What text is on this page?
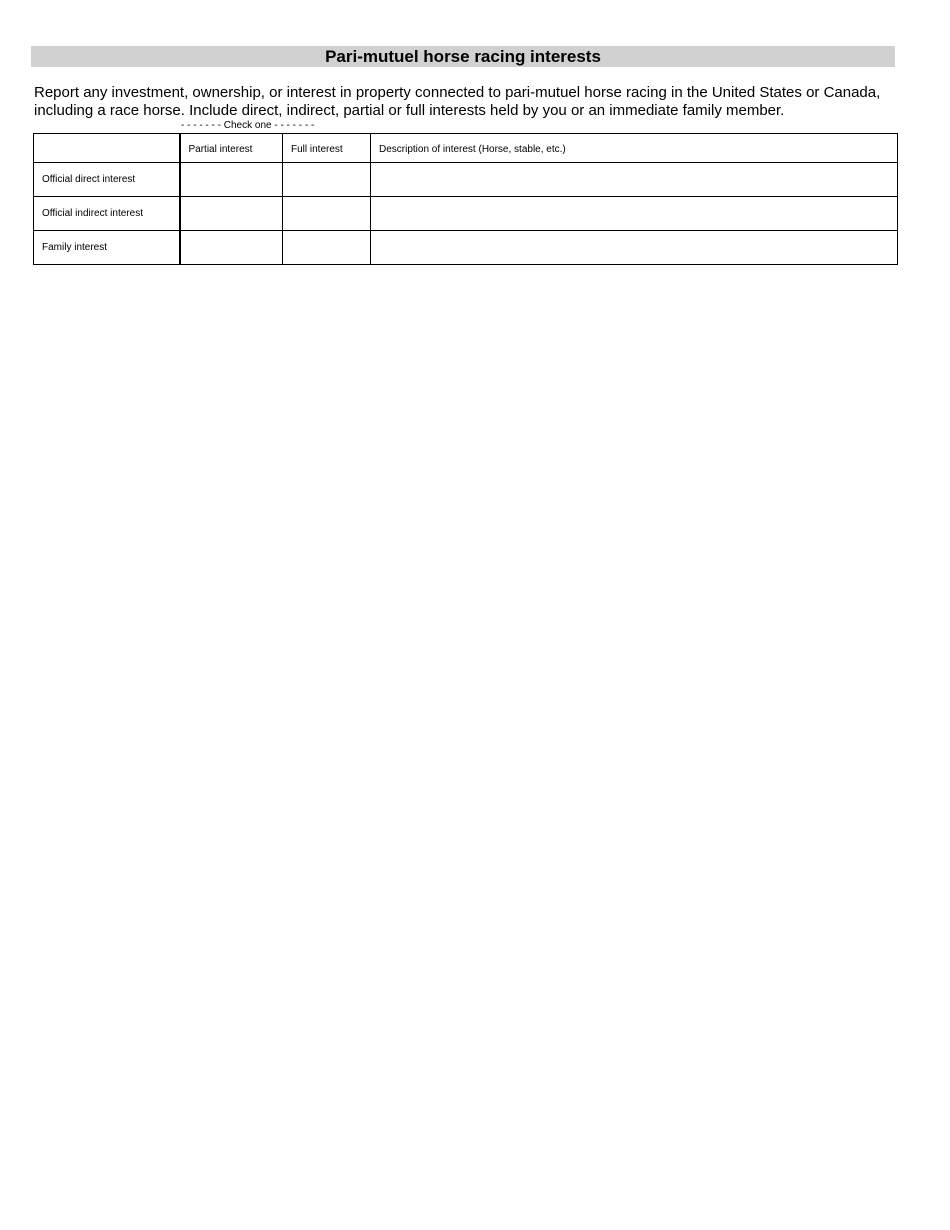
Pari-mutuel horse racing interests

Report any investment, ownership, or interest in property connected to pari-mutuel horse racing in the United States or Canada, including a race horse. Include direct, indirect, partial or full interests held by you or an immediate family member.

- - - - - - - Check one - - - - - - -
	Partial interest	Full interest	Description of interest (Horse, stable, etc.)
Official direct interest			
Official indirect interest			
Family interest			
